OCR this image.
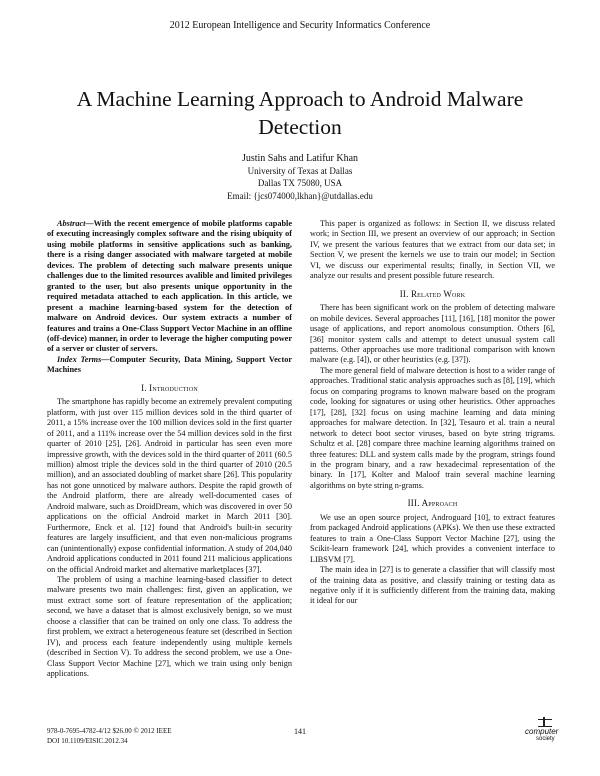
2012 European Intelligence and Security Informatics Conference
A Machine Learning Approach to Android Malware Detection
Justin Sahs and Latifur Khan
University of Texas at Dallas
Dallas TX 75080, USA
Email: {jcs074000,lkhan}@utdallas.edu

Abstract—With the recent emergence of mobile platforms capable of executing increasingly complex software and the rising ubiquity of using mobile platforms in sensitive applications such as banking, there is a rising danger associated with malware targeted at mobile devices. The problem of detecting such malware presents unique challenges due to the limited resources avalible and limited privileges granted to the user, but also presents unique opportunity in the required metadata attached to each application. In this article, we present a machine learning-based system for the detection of malware on Android devices. Our system extracts a number of features and trains a One-Class Support Vector Machine in an offline (off-device) manner, in order to leverage the higher computing power of a server or cluster of servers.

Index Terms—Computer Security, Data Mining, Support Vector Machines

I. Introduction

The smartphone has rapidly become an extremely prevalent computing platform, with just over 115 million devices sold in the third quarter of 2011, a 15% increase over the 100 million devices sold in the first quarter of 2011, and a 111% increase over the 54 million devices sold in the first quarter of 2010 [25], [26]. Android in particular has seen even more impressive growth, with the devices sold in the third quarter of 2011 (60.5 million) almost triple the devices sold in the third quarter of 2010 (20.5 million), and an associated doubling of market share [26]. This popularity has not gone unnoticed by malware authors. Despite the rapid growth of the Android platform, there are already well-documented cases of Android malware, such as DroidDream, which was discovered in over 50 applications on the official Android market in March 2011 [30]. Furthermore, Enck et al. [12] found that Android's built-in security features are largely insufficient, and that even non-malicious programs can (unintentionally) expose confidential information. A study of 204,040 Android applications conducted in 2011 found 211 malicious applications on the official Android market and alternative marketplaces [37].

The problem of using a machine learning-based classifier to detect malware presents two main challenges: first, given an application, we must extract some sort of feature representation of the application; second, we have a dataset that is almost exclusively benign, so we must choose a classifier that can be trained on only one class. To address the first problem, we extract a heterogeneous feature set (described in Section IV), and process each feature independently using multiple kernels (described in Section V). To address the second problem, we use a One-Class Support Vector Machine [27], which we train using only benign applications.

This paper is organized as follows: in Section II, we discuss related work; in Section III, we present an overview of our approach; in Section IV, we present the various features that we extract from our data set; in Section V, we present the kernels we use to train our model; in Section VI, we discuss our experimental results; finally, in Section VII, we analyze our results and present possible future research.

II. Related Work

There has been significant work on the problem of detecting malware on mobile devices. Several approaches [11], [16], [18] monitor the power usage of applications, and report anomolous consumption. Others [6], [36] monitor system calls and attempt to detect unusual system call patterns. Other approaches use more traditional comparison with known malware (e.g. [4]), or other heuristics (e.g. [37]).

The more general field of malware detection is host to a wider range of approaches. Traditional static analysis approaches such as [8], [19], which focus on comparing programs to known malware based on the program code, looking for signatures or using other heuristics. Other approaches [17], [28], [32] focus on using machine learning and data mining approaches for malware detection. In [32], Tesauro et al. train a neural network to detect boot sector viruses, based on byte string trigrams. Schultz et al. [28] compare three machine learning algorithms trained on three features: DLL and system calls made by the program, strings found in the program binary, and a raw hexadecimal representation of the binary. In [17], Kolter and Maloof train several machine learning algorithms on byte string n-grams.

III. Approach

We use an open source project, Androguard [10], to extract features from packaged Android applications (APKs). We then use these extracted features to train a One-Class Support Vector Machine [27], using the Scikit-learn framework [24], which provides a convenient interface to LIBSVM [7].

The main idea in [27] is to generate a classifier that will classify most of the training data as positive, and classify training or testing data as negative only if it is sufficiently different from the training data, making it ideal for our

978-0-7695-4782-4/12 $26.00 © 2012 IEEE
DOI 10.1109/EISIC.2012.34
141	computer
society
